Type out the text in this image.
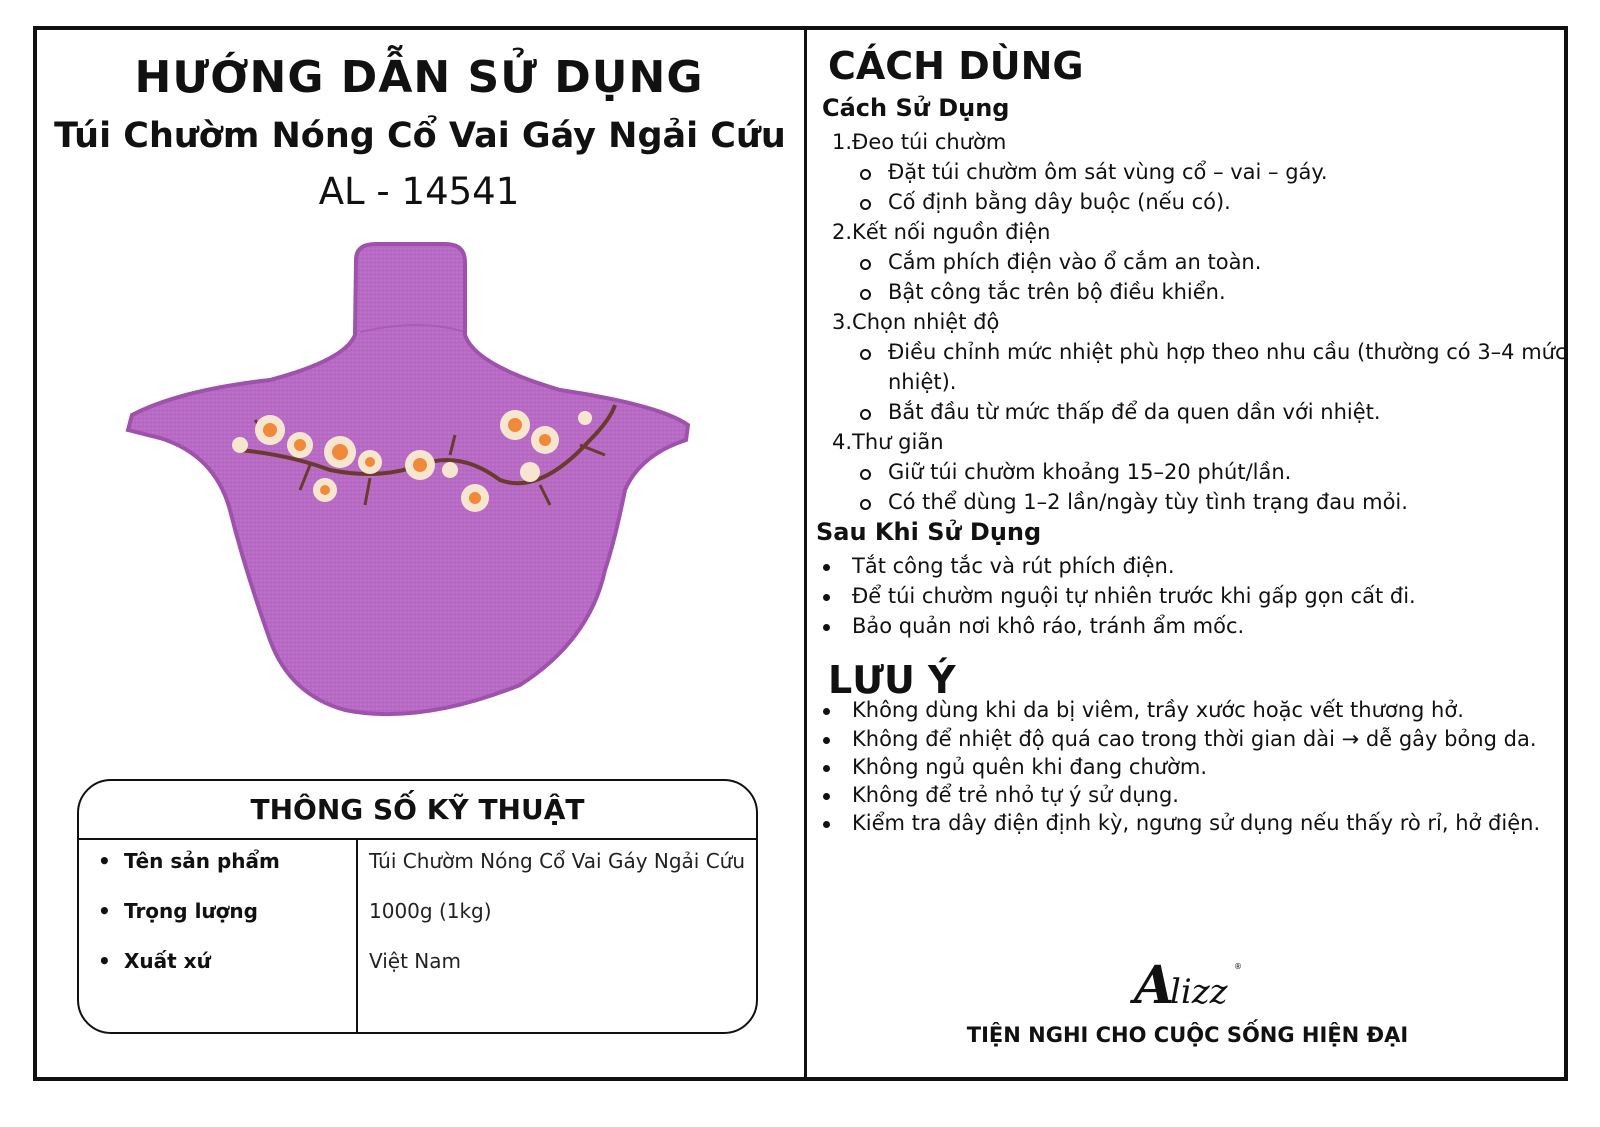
HƯỚNG DẪN SỬ DỤNG
Túi Chườm Nóng Cổ Vai Gáy Ngải Cứu
AL - 14541
THÔNG SỐ KỸ THUẬT
• Tên sản phẩm	Túi Chườm Nóng Cổ Vai Gáy Ngải Cứu
• Trọng lượng	1000g (1kg)
• Xuất xứ	Việt Nam
CÁCH DÙNG
Cách Sử Dụng
1.Đeo túi chườm
Đặt túi chườm ôm sát vùng cổ – vai – gáy.
Cố định bằng dây buộc (nếu có).
2.Kết nối nguồn điện
Cắm phích điện vào ổ cắm an toàn.
Bật công tắc trên bộ điều khiển.
3.Chọn nhiệt độ
Điều chỉnh mức nhiệt phù hợp theo nhu cầu (thường có 3–4 mức
nhiệt).
Bắt đầu từ mức thấp để da quen dần với nhiệt.
4.Thư giãn
Giữ túi chườm khoảng 15–20 phút/lần.
Có thể dùng 1–2 lần/ngày tùy tình trạng đau mỏi.
Sau Khi Sử Dụng
Tắt công tắc và rút phích điện.
Để túi chườm nguội tự nhiên trước khi gấp gọn cất đi.
Bảo quản nơi khô ráo, tránh ẩm mốc.
LƯU Ý
Không dùng khi da bị viêm, trầy xước hoặc vết thương hở.
Không để nhiệt độ quá cao trong thời gian dài → dễ gây bỏng da.
Không ngủ quên khi đang chườm.
Không để trẻ nhỏ tự ý sử dụng.
Kiểm tra dây điện định kỳ, ngưng sử dụng nếu thấy rò rỉ, hở điện.
A
lizz
®
TIỆN NGHI CHO CUỘC SỐNG HIỆN ĐẠI
